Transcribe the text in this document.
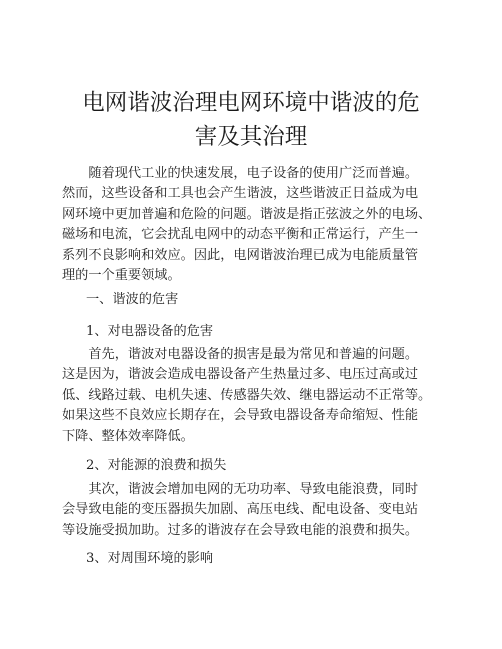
电网谐波治理电网环境中谐波的危
害及其治理

　　随着现代工业的快速发展，电子设备的使用广泛而普遍。
然而，这些设备和工具也会产生谐波，这些谐波正日益成为电
网环境中更加普遍和危险的问题。谐波是指正弦波之外的电场、
磁场和电流，它会扰乱电网中的动态平衡和正常运行，产生一
系列不良影响和效应。因此，电网谐波治理已成为电能质量管
理的一个重要领域。

一、谐波的危害

1、对电器设备的危害

　　首先，谐波对电器设备的损害是最为常见和普遍的问题。
这是因为，谐波会造成电器设备产生热量过多、电压过高或过
低、线路过载、电机失速、传感器失效、继电器运动不正常等。
如果这些不良效应长期存在，会导致电器设备寿命缩短、性能
下降、整体效率降低。

2、对能源的浪费和损失

　　其次，谐波会增加电网的无功功率、导致电能浪费，同时
会导致电能的变压器损失加剧、高压电线、配电设备、变电站
等设施受损加助。过多的谐波存在会导致电能的浪费和损失。

3、对周围环境的影响
